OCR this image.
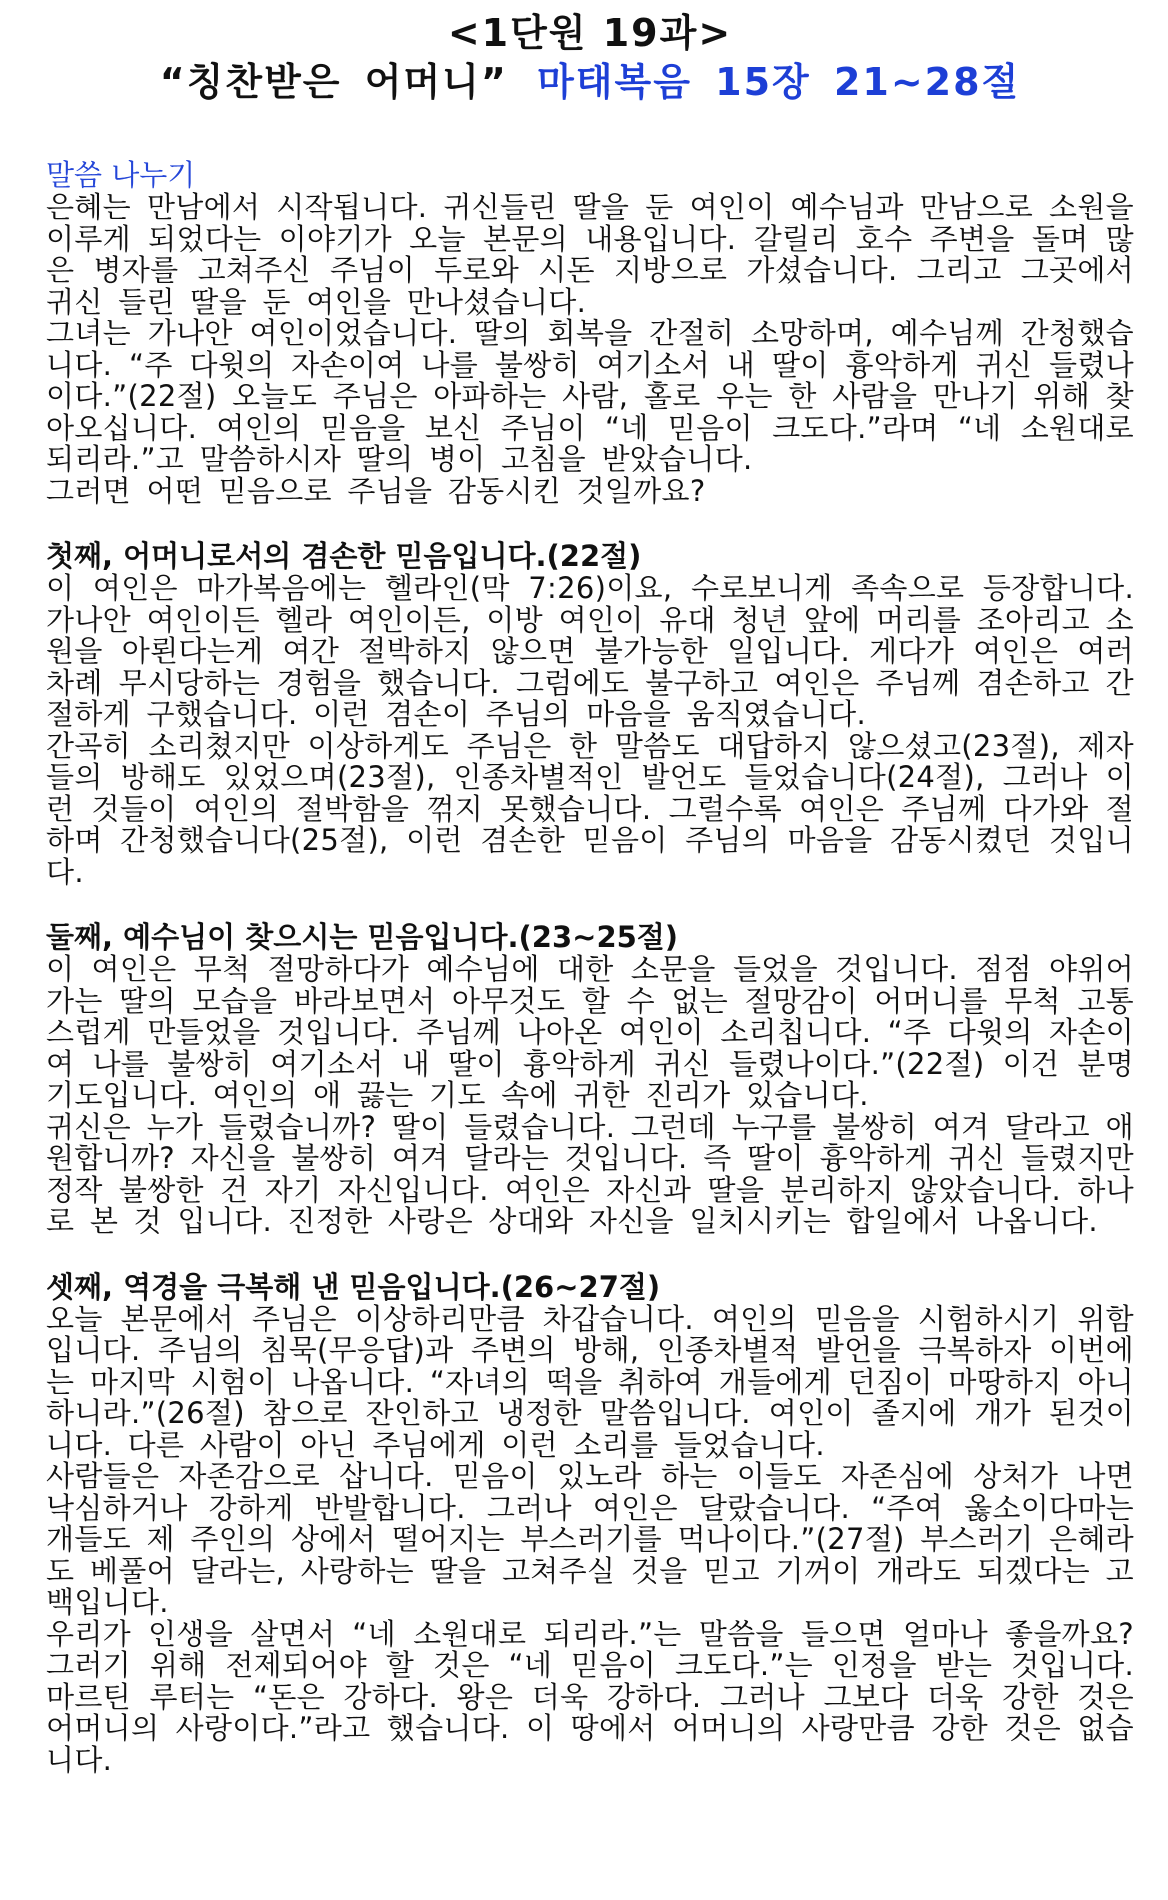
<1단원 19과>
“칭찬받은 어머니” 마태복음 15장 21~28절
말씀 나누기

은혜는 만남에서 시작됩니다. 귀신들린 딸을 둔 여인이 예수님과 만남으로 소원을 이루게 되었다는 이야기가 오늘 본문의 내용입니다. 갈릴리 호수 주변을 돌며 많은 병자를 고쳐주신 주님이 두로와 시돈 지방으로 가셨습니다. 그리고 그곳에서 귀신 들린 딸을 둔 여인을 만나셨습니다.

그녀는 가나안 여인이었습니다. 딸의 회복을 간절히 소망하며, 예수님께 간청했습니다. “주 다윗의 자손이여 나를 불쌍히 여기소서 내 딸이 흉악하게 귀신 들렸나이다.”(22절) 오늘도 주님은 아파하는 사람, 홀로 우는 한 사람을 만나기 위해 찾아오십니다. 여인의 믿음을 보신 주님이 “네 믿음이 크도다.”라며 “네 소원대로 되리라.”고 말씀하시자 딸의 병이 고침을 받았습니다.

그러면 어떤 믿음으로 주님을 감동시킨 것일까요?

첫째, 어머니로서의 겸손한 믿음입니다.(22절)

이 여인은 마가복음에는 헬라인(막 7:26)이요, 수로보니게 족속으로 등장합니다. 가나안 여인이든 헬라 여인이든, 이방 여인이 유대 청년 앞에 머리를 조아리고 소원을 아뢴다는게 여간 절박하지 않으면 불가능한 일입니다. 게다가 여인은 여러 차례 무시당하는 경험을 했습니다. 그럼에도 불구하고 여인은 주님께 겸손하고 간절하게 구했습니다. 이런 겸손이 주님의 마음을 움직였습니다.

간곡히 소리쳤지만 이상하게도 주님은 한 말씀도 대답하지 않으셨고(23절), 제자들의 방해도 있었으며(23절), 인종차별적인 발언도 들었습니다(24절), 그러나 이런 것들이 여인의 절박함을 꺾지 못했습니다. 그럴수록 여인은 주님께 다가와 절하며 간청했습니다(25절), 이런 겸손한 믿음이 주님의 마음을 감동시켰던 것입니다.

둘째, 예수님이 찾으시는 믿음입니다.(23~25절)

이 여인은 무척 절망하다가 예수님에 대한 소문을 들었을 것입니다. 점점 야위어가는 딸의 모습을 바라보면서 아무것도 할 수 없는 절망감이 어머니를 무척 고통스럽게 만들었을 것입니다. 주님께 나아온 여인이 소리칩니다. “주 다윗의 자손이여 나를 불쌍히 여기소서 내 딸이 흉악하게 귀신 들렸나이다.”(22절) 이건 분명 기도입니다. 여인의 애 끓는 기도 속에 귀한 진리가 있습니다.

귀신은 누가 들렸습니까? 딸이 들렸습니다. 그런데 누구를 불쌍히 여겨 달라고 애원합니까? 자신을 불쌍히 여겨 달라는 것입니다. 즉 딸이 흉악하게 귀신 들렸지만 정작 불쌍한 건 자기 자신입니다. 여인은 자신과 딸을 분리하지 않았습니다. 하나로 본 것 입니다. 진정한 사랑은 상대와 자신을 일치시키는 합일에서 나옵니다.

셋째, 역경을 극복해 낸 믿음입니다.(26~27절)

오늘 본문에서 주님은 이상하리만큼 차갑습니다. 여인의 믿음을 시험하시기 위함입니다. 주님의 침묵(무응답)과 주변의 방해, 인종차별적 발언을 극복하자 이번에는 마지막 시험이 나옵니다. “자녀의 떡을 취하여 개들에게 던짐이 마땅하지 아니하니라.”(26절) 참으로 잔인하고 냉정한 말씀입니다. 여인이 졸지에 개가 된것이니다. 다른 사람이 아닌 주님에게 이런 소리를 들었습니다.

사람들은 자존감으로 삽니다. 믿음이 있노라 하는 이들도 자존심에 상처가 나면 낙심하거나 강하게 반발합니다. 그러나 여인은 달랐습니다. “주여 옳소이다마는 개들도 제 주인의 상에서 떨어지는 부스러기를 먹나이다.”(27절) 부스러기 은혜라도 베풀어 달라는, 사랑하는 딸을 고쳐주실 것을 믿고 기꺼이 개라도 되겠다는 고백입니다.

우리가 인생을 살면서 “네 소원대로 되리라.”는 말씀을 들으면 얼마나 좋을까요? 그러기 위해 전제되어야 할 것은 “네 믿음이 크도다.”는 인정을 받는 것입니다. 마르틴 루터는 “돈은 강하다. 왕은 더욱 강하다. 그러나 그보다 더욱 강한 것은 어머니의 사랑이다.”라고 했습니다. 이 땅에서 어머니의 사랑만큼 강한 것은 없습니다.
